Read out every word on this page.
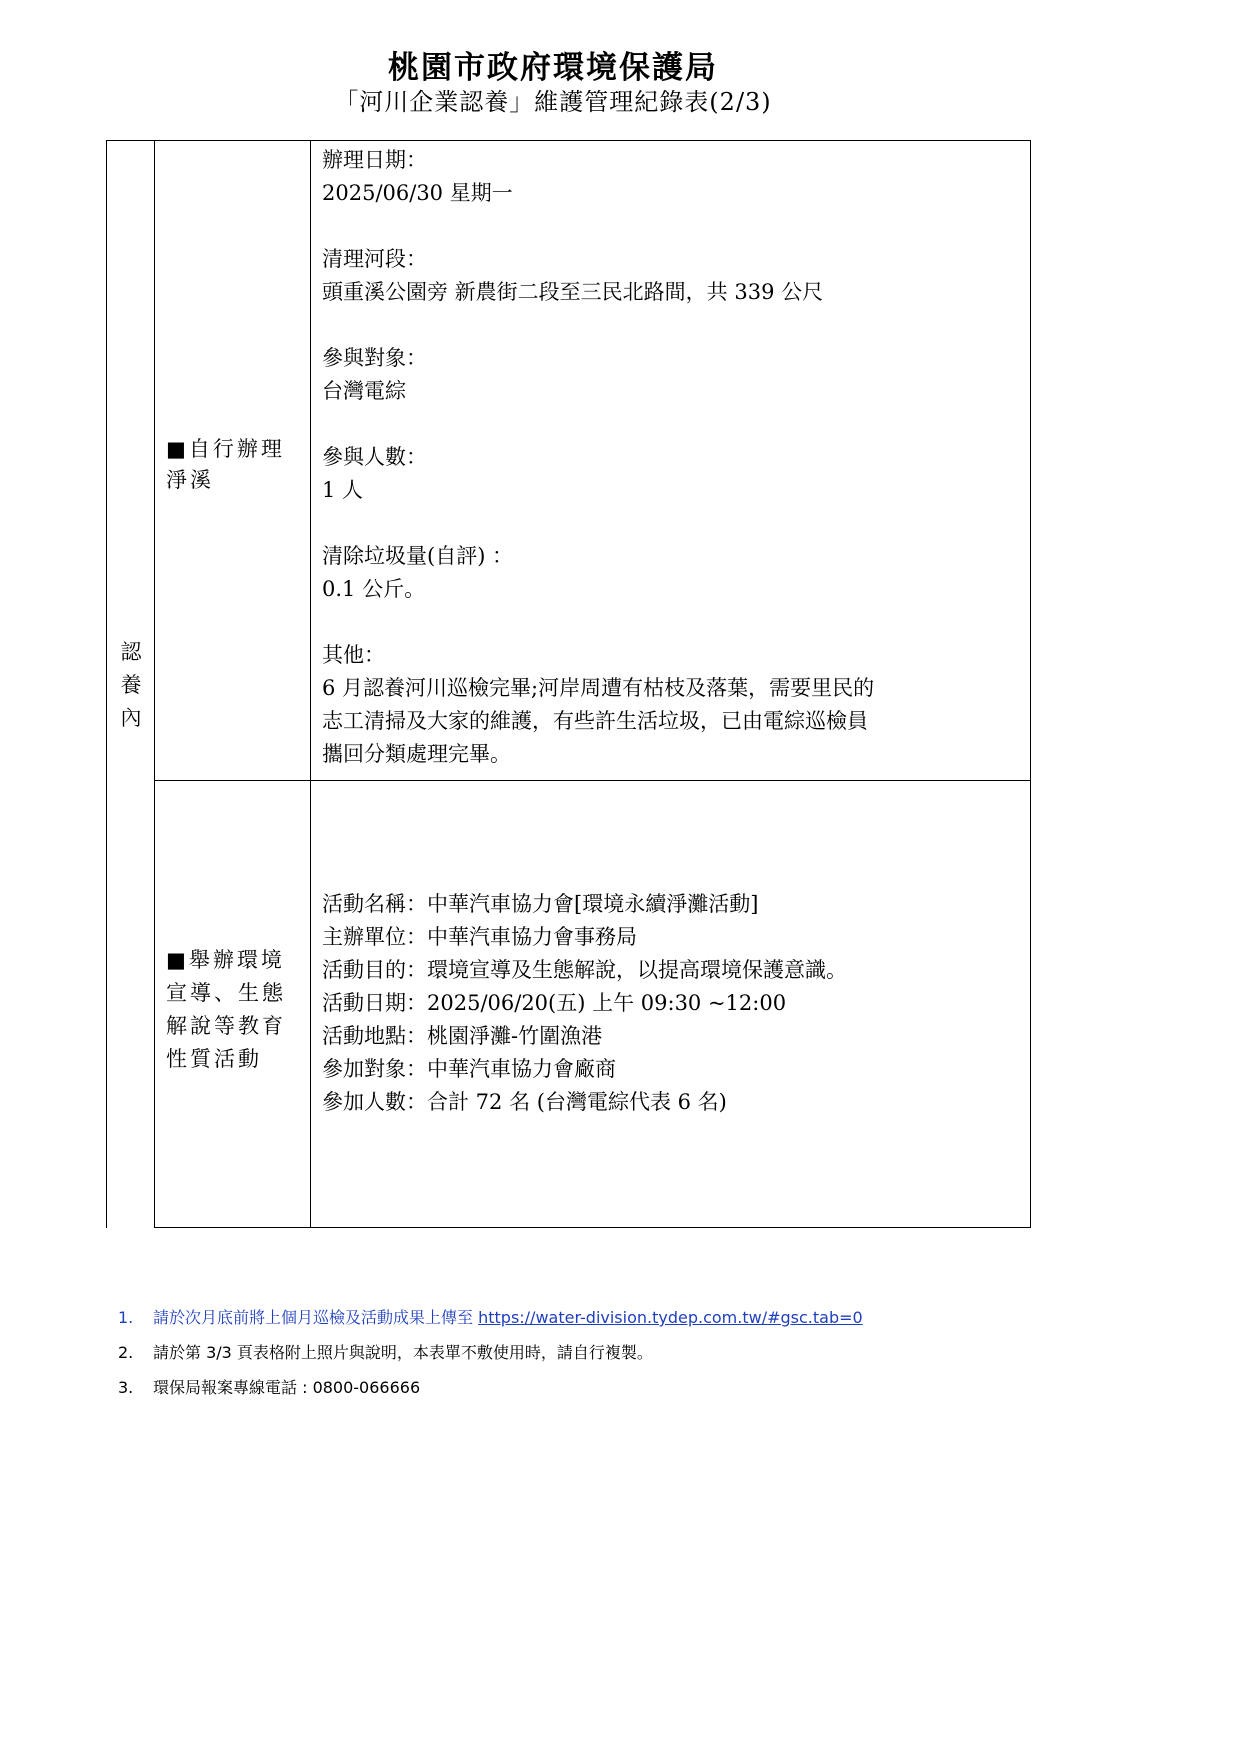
桃園市政府環境保護局
「河川企業認養」維護管理紀錄表(2/3)
認
養
內
■自行辦理
淨溪
辦理日期：
2025/06/30 星期一
清理河段：
頭重溪公園旁 新農街二段至三民北路間，共 339 公尺
參與對象：
台灣電綜
參與人數：
1 人
清除垃圾量(自評) ：
0.1 公斤。
其他：
6 月認養河川巡檢完畢;河岸周遭有枯枝及落葉，需要里民的
志工清掃及大家的維護，有些許生活垃圾，已由電綜巡檢員
攜回分類處理完畢。
■舉辦環境
宣導、生態
解說等教育
性質活動
活動名稱：中華汽車協力會[環境永續淨灘活動]
主辦單位：中華汽車協力會事務局
活動目的：環境宣導及生態解說，以提高環境保護意識。
活動日期：2025/06/20(五) 上午 09:30 ~12:00
活動地點：桃園淨灘-竹圍漁港
參加對象：中華汽車協力會廠商
參加人數：合計 72 名 (台灣電綜代表 6 名)
1. 請於次月底前將上個月巡檢及活動成果上傳至 https://water-division.tydep.com.tw/#gsc.tab=0
2. 請於第 3/3 頁表格附上照片與說明，本表單不敷使用時，請自行複製。
3. 環保局報案專線電話 : 0800-066666
